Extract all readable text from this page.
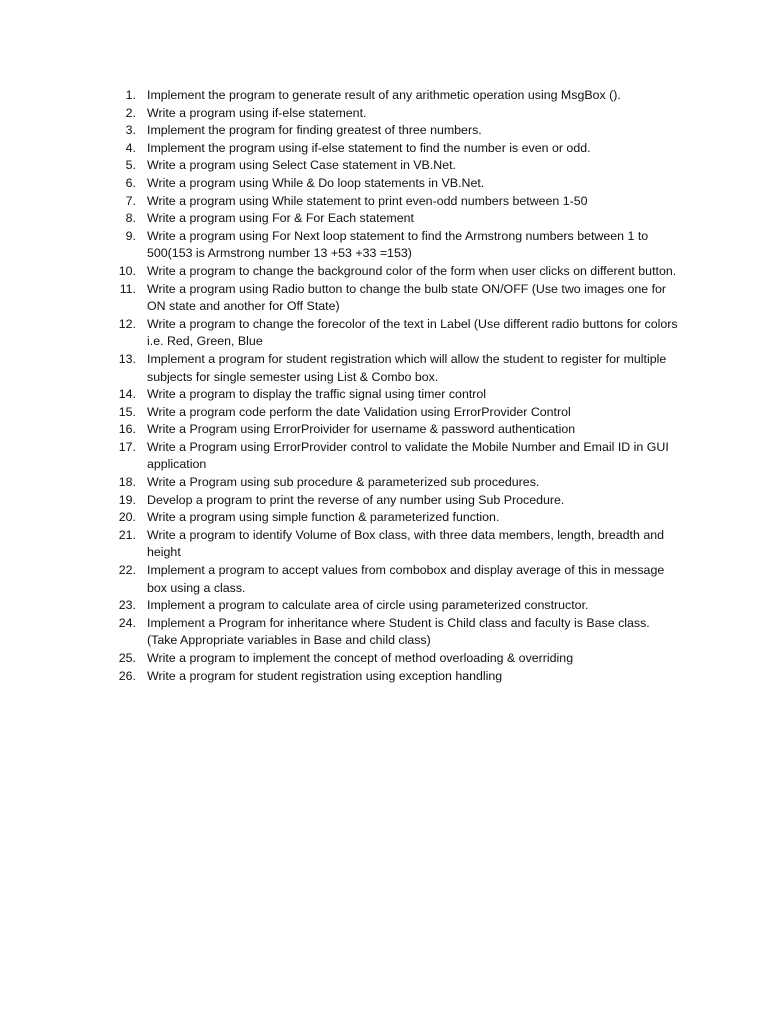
1. Implement the program to generate result of any arithmetic operation using MsgBox ().
2. Write a program using if-else statement.
3. Implement the program for finding greatest of three numbers.
4. Implement the program using if-else statement to find the number is even or odd.
5. Write a program using Select Case statement in VB.Net.
6. Write a program using While & Do loop statements in VB.Net.
7. Write a program using While statement to print even-odd numbers between 1-50
8. Write a program using For & For Each statement
9. Write a program using For Next loop statement to find the Armstrong numbers between 1 to 500(153 is Armstrong number 13 +53 +33 =153)
10. Write a program to change the background color of the form when user clicks on different button.
11. Write a program using Radio button to change the bulb state ON/OFF (Use two images one for ON state and another for Off State)
12. Write a program to change the forecolor of the text in Label (Use different radio buttons for colors i.e. Red, Green, Blue
13. Implement a program for student registration which will allow the student to register for multiple subjects for single semester using List & Combo box.
14. Write a program to display the traffic signal using timer control
15. Write a program code perform the date Validation using ErrorProvider Control
16. Write a Program using ErrorProivider for username & password authentication
17. Write a Program using ErrorProvider control to validate the Mobile Number and Email ID in GUI application
18. Write a Program using sub procedure & parameterized sub procedures.
19. Develop a program to print the reverse of any number using Sub Procedure.
20. Write a program using simple function & parameterized function.
21. Write a program to identify Volume of Box class, with three data members, length, breadth and height
22. Implement a program to accept values from combobox and display average of this in message box using a class.
23. Implement a program to calculate area of circle using parameterized constructor.
24. Implement a Program for inheritance where Student is Child class and faculty is Base class. (Take Appropriate variables in Base and child class)
25. Write a program to implement the concept of method overloading & overriding
26. Write a program for student registration using exception handling
